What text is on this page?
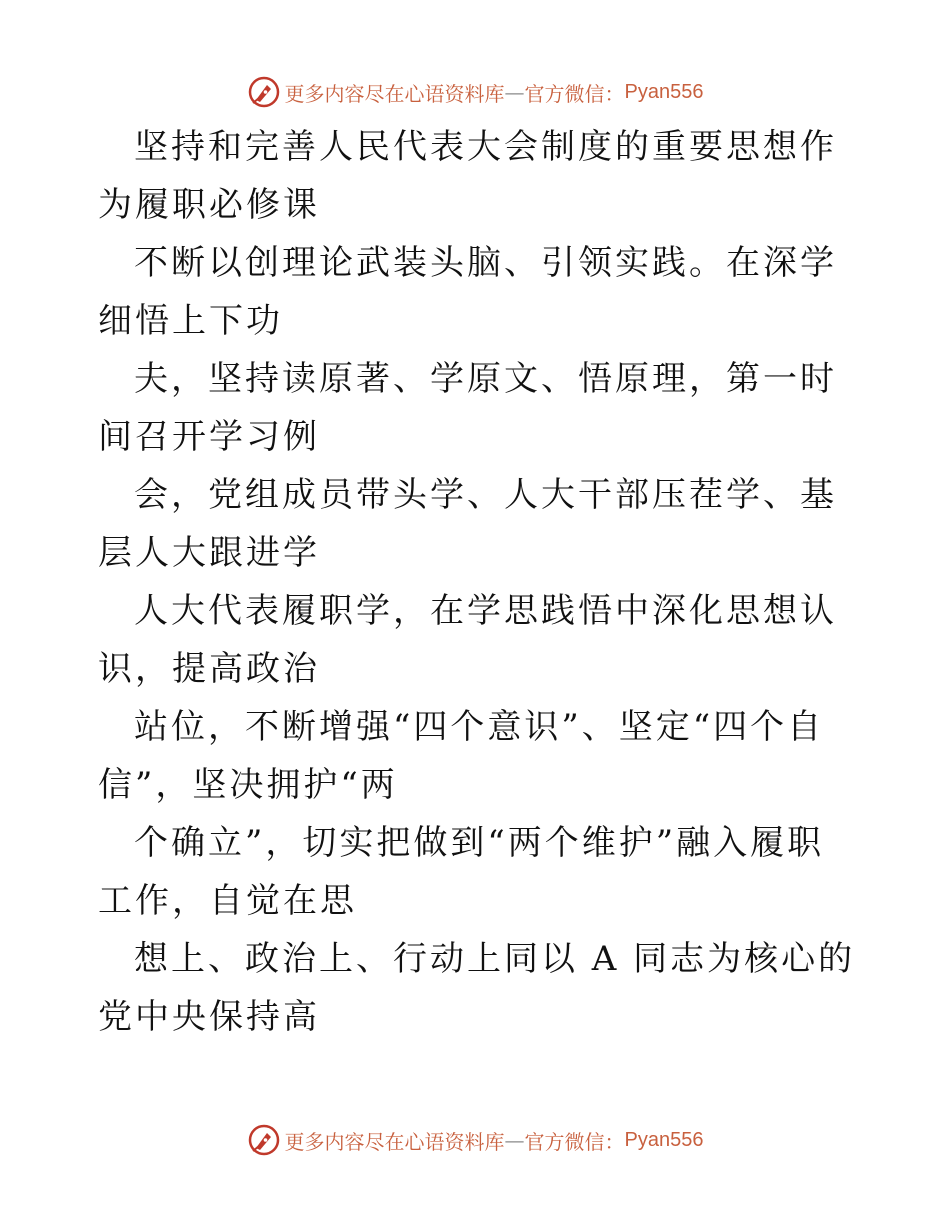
更多内容尽在心语资料库 — 官方微信： Pyan556

坚持和完善人民代表大会制度的重要思想作为履职必修课

不断以创理论武装头脑、引领实践。在深学细悟上下功

夫，坚持读原著、学原文、悟原理，第一时间召开学习例

会，党组成员带头学、人大干部压茬学、基层人大跟进学

人大代表履职学，在学思践悟中深化思想认识，提高政治

站位，不断增强“四个意识”、坚定“四个自信”，坚决拥护“两

个确立”，切实把做到“两个维护”融入履职工作，自觉在思

想上、政治上、行动上同以 A 同志为核心的党中央保持高

更多内容尽在心语资料库 — 官方微信： Pyan556
